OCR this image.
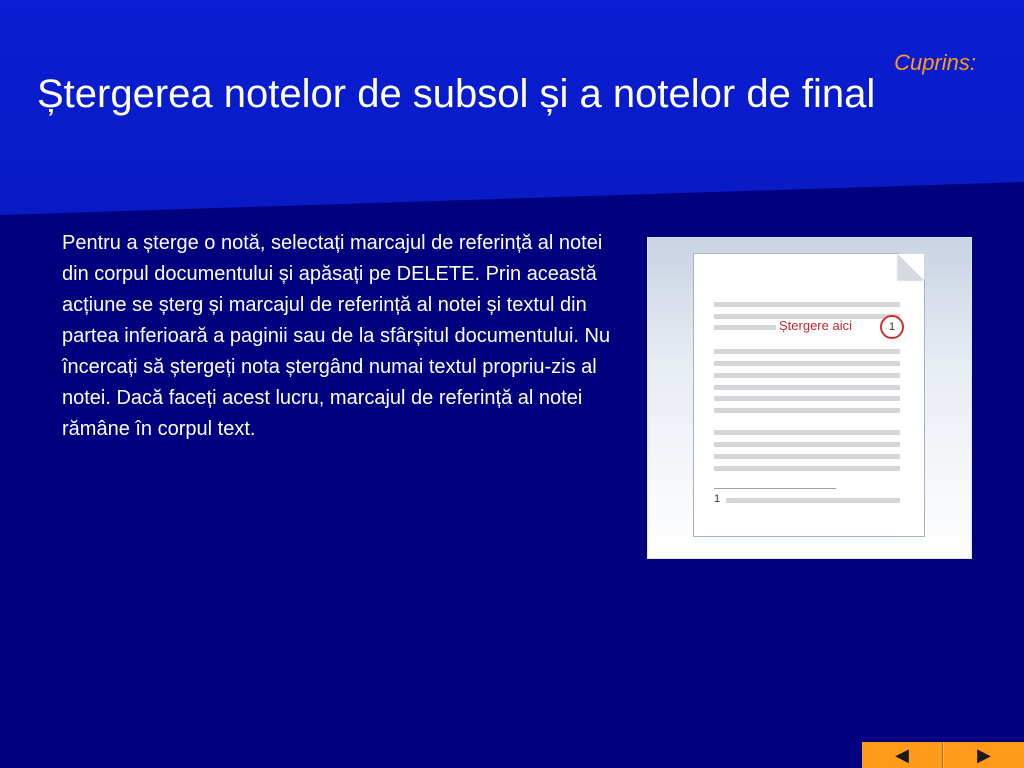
Cuprins:
Ștergerea notelor de subsol și a notelor de final

Pentru a șterge o notă, selectați marcajul de referință al notei din corpul documentului și apăsați pe DELETE. Prin această acțiune se șterg și marcajul de referință al notei și textul din partea inferioară a paginii sau de la sfârșitul documentului. Nu încercați să ștergeți nota ștergând numai textul propriu-zis al notei. Dacă faceți acest lucru, marcajul de referință al notei rămâne în corpul text.

Ștergere aici	1
1
◀	▶
